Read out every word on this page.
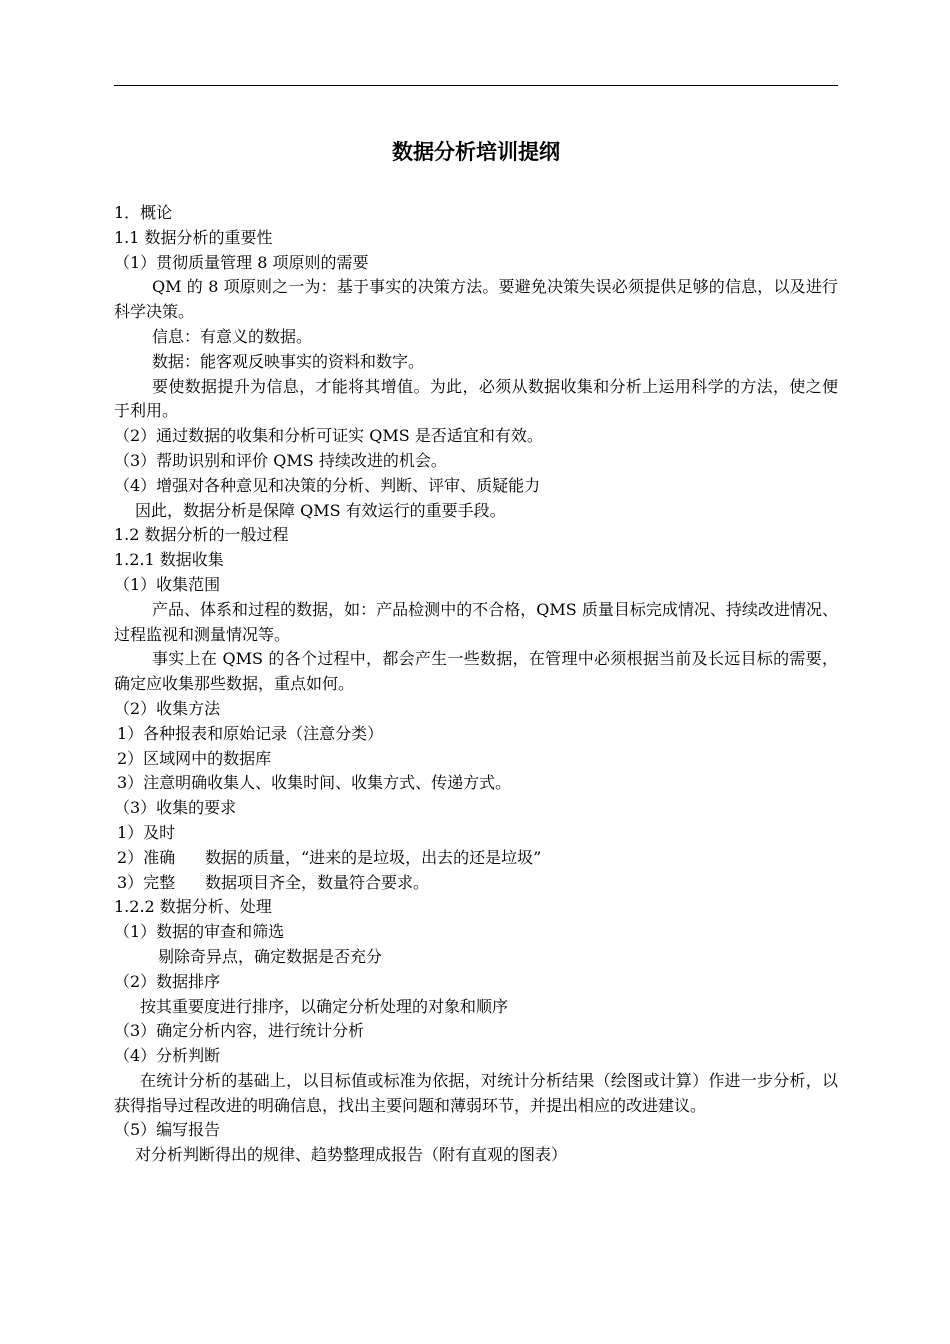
数据分析培训提纲
1．概论
1.1 数据分析的重要性
（1）贯彻质量管理 8 项原则的需要
QM 的 8 项原则之一为：基于事实的决策方法。要避免决策失误必须提供足够的信息，以及进行科学决策。
信息：有意义的数据。
数据：能客观反映事实的资料和数字。
要使数据提升为信息，才能将其增值。为此，必须从数据收集和分析上运用科学的方法，使之便于利用。
（2）通过数据的收集和分析可证实 QMS 是否适宜和有效。
（3）帮助识别和评价 QMS 持续改进的机会。
（4）增强对各种意见和决策的分析、判断、评审、质疑能力
因此，数据分析是保障 QMS 有效运行的重要手段。
1.2 数据分析的一般过程
1.2.1 数据收集
（1）收集范围
产品、体系和过程的数据，如：产品检测中的不合格，QMS 质量目标完成情况、持续改进情况、过程监视和测量情况等。
事实上在 QMS 的各个过程中，都会产生一些数据，在管理中必须根据当前及长远目标的需要，确定应收集那些数据，重点如何。
（2）收集方法
1）各种报表和原始记录（注意分类）
2）区域网中的数据库
3）注意明确收集人、收集时间、收集方式、传递方式。
（3）收集的要求
1）及时
2）准确 数据的质量，“进来的是垃圾，出去的还是垃圾”
3）完整 数据项目齐全，数量符合要求。
1.2.2 数据分析、处理
（1）数据的审查和筛选
剔除奇异点，确定数据是否充分
（2）数据排序
按其重要度进行排序，以确定分析处理的对象和顺序
（3）确定分析内容，进行统计分析
（4）分析判断
在统计分析的基础上，以目标值或标准为依据，对统计分析结果（绘图或计算）作进一步分析，以获得指导过程改进的明确信息，找出主要问题和薄弱环节，并提出相应的改进建议。
（5）编写报告
对分析判断得出的规律、趋势整理成报告（附有直观的图表）
